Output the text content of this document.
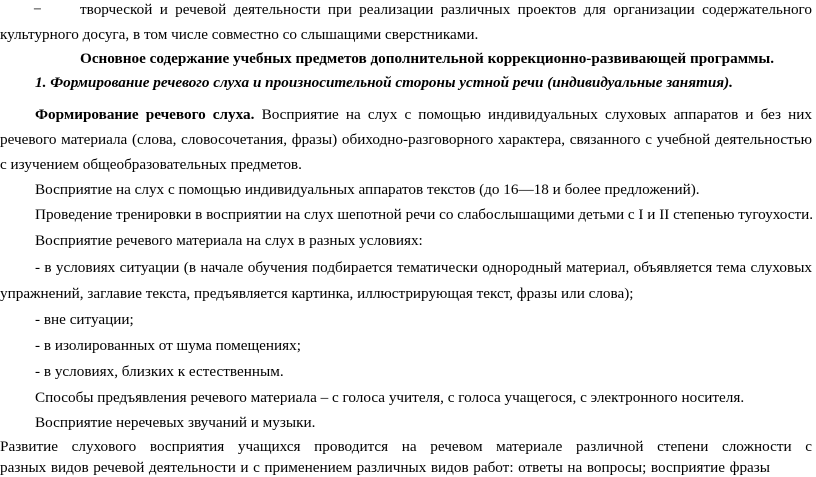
−	творческой и речевой деятельности при реализации различных проектов для организации содержательного
культурного досуга, в том числе совместно со слышащими сверстниками.
Основное содержание учебных предметов дополнительной коррекционно-развивающей программы.
1. Формирование речевого слуха и произносительной стороны устной речи (индивидуальные занятия).
Формирование речевого слуха. Восприятие на слух с помощью индивидуальных слуховых аппаратов и без них
речевого материала (слова, словосочетания, фразы) обиходно-разговорного характера, связанного с учебной деятельностью
с изучением общеобразовательных предметов.
Восприятие на слух с помощью индивидуальных аппаратов текстов (до 16—18 и более предложений).
Проведение тренировки в восприятии на слух шепотной речи со слабослышащими детьми с I и II степенью тугоухости.
Восприятие речевого материала на слух в разных условиях:
- в условиях ситуации (в начале обучения подбирается тематически однородный материал, объявляется тема слуховых
упражнений, заглавие текста, предъявляется картинка, иллюстрирующая текст, фразы или слова);
- вне ситуации;
- в изолированных от шума помещениях;
- в условиях, близких к естественным.
Способы предъявления речевого материала – с голоса учителя, с голоса учащегося, с электронного носителя.
Восприятие неречевых звучаний и музыки.
Развитие слухового восприятия учащихся проводится на речевом материале различной степени сложности с
разных видов речевой деятельности и с применением различных видов работ: ответы на вопросы; восприятие фразы
